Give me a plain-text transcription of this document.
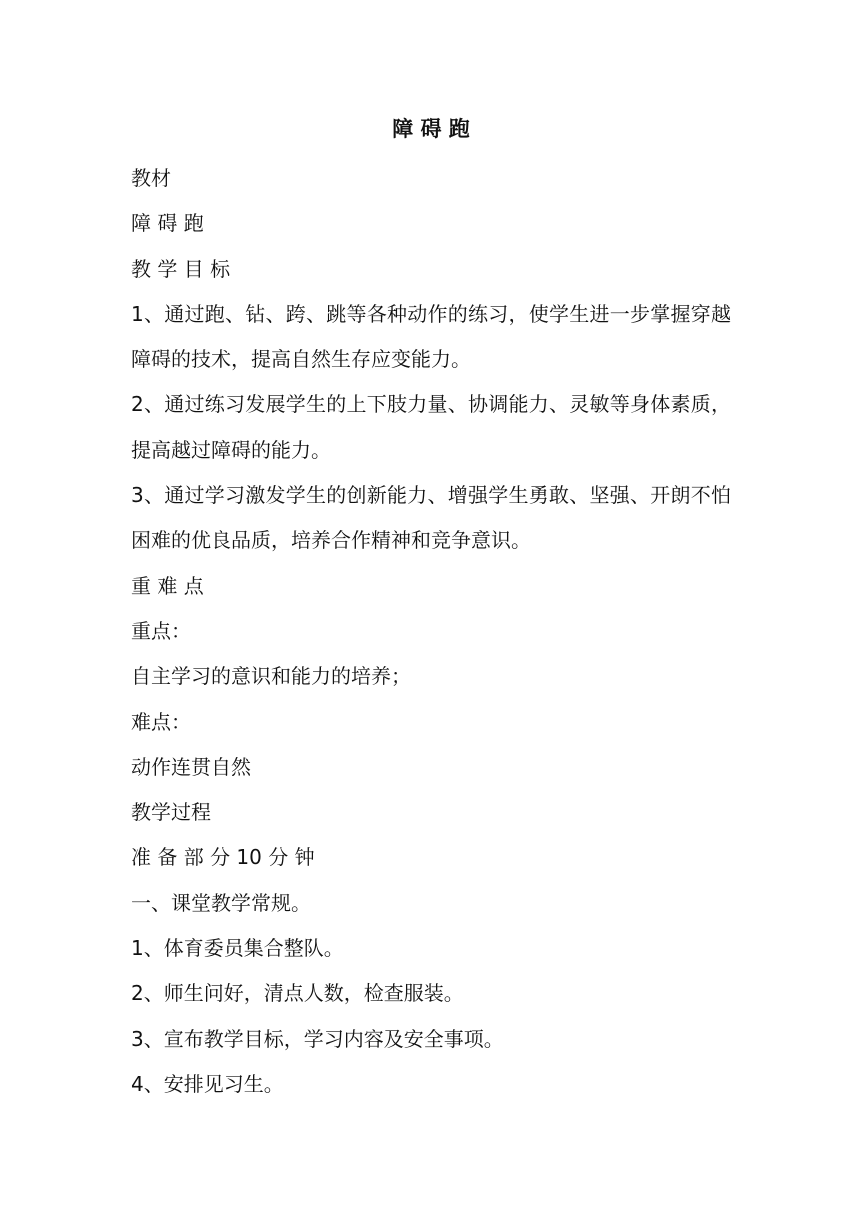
障 碍 跑

教材

障 碍 跑

教 学 目 标

1、通过跑、钻、跨、跳等各种动作的练习，使学生进一步掌握穿越障碍的技术，提高自然生存应变能力。

2、通过练习发展学生的上下肢力量、协调能力、灵敏等身体素质，提高越过障碍的能力。

3、通过学习激发学生的创新能力、增强学生勇敢、坚强、开朗不怕困难的优良品质，培养合作精神和竞争意识。

重 难 点

重点：

自主学习的意识和能力的培养；

难点：

动作连贯自然

教学过程

准 备 部 分 10 分 钟

一、课堂教学常规。

1、体育委员集合整队。

2、师生问好，清点人数，检查服装。

3、宣布教学目标，学习内容及安全事项。

4、安排见习生。
